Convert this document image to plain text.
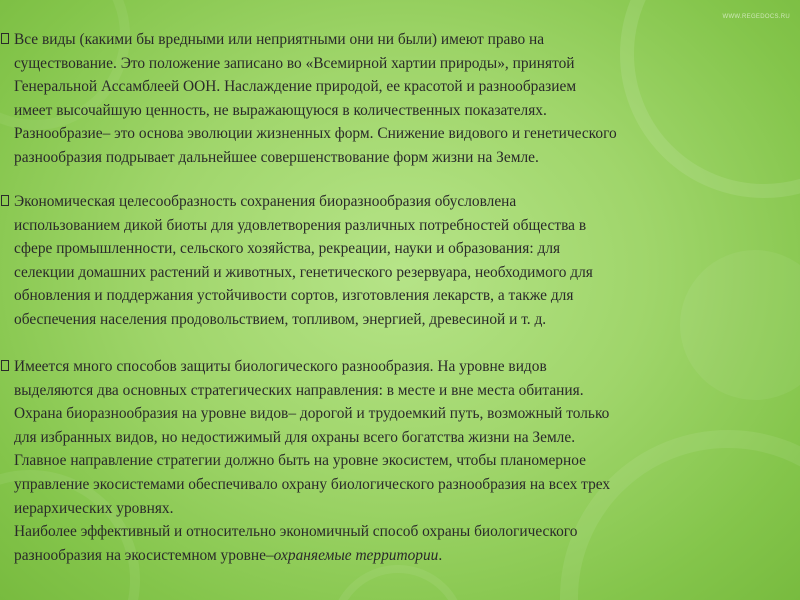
WWW.REGEDOCS.RU
Все виды (какими бы вредными или неприятными они ни были) имеют право на
существование. Это положение записано во «Всемирной хартии природы», принятой
Генеральной Ассамблеей ООН. Наслаждение природой, ее красотой и разнообразием
имеет высочайшую ценность, не выражающуюся в количественных показателях.
Разнообразие– это основа эволюции жизненных форм. Снижение видового и генетического
разнообразия подрывает дальнейшее совершенствование форм жизни на Земле.
Экономическая целесообразность сохранения биоразнообразия обусловлена
использованием дикой биоты для удовлетворения различных потребностей общества в
сфере промышленности, сельского хозяйства, рекреации, науки и образования: для
селекции домашних растений и животных, генетического резервуара, необходимого для
обновления и поддержания устойчивости сортов, изготовления лекарств, а также для
обеспечения населения продовольствием, топливом, энергией, древесиной и т. д.
Имеется много способов защиты биологического разнообразия. На уровне видов
выделяются два основных стратегических направления: в месте и вне места обитания.
Охрана биоразнообразия на уровне видов– дорогой и трудоемкий путь, возможный только
для избранных видов, но недостижимый для охраны всего богатства жизни на Земле.
Главное направление стратегии должно быть на уровне экосистем, чтобы планомерное
управление экосистемами обеспечивало охрану биологического разнообразия на всех трех
иерархических уровнях.
Наиболее эффективный и относительно экономичный способ охраны биологического
разнообразия на экосистемном уровне–охраняемые территории.
